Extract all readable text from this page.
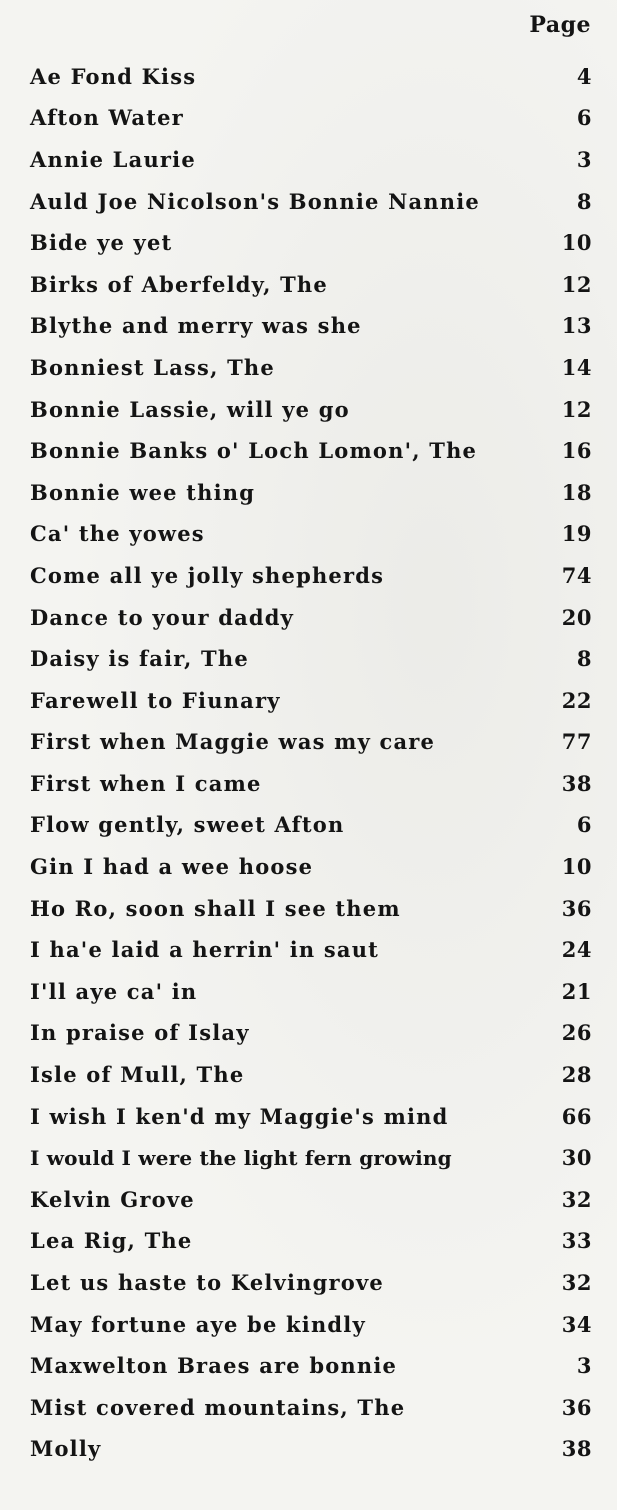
Page
Ae Fond Kiss	4
Afton Water	6
Annie Laurie	3
Auld Joe Nicolson's Bonnie Nannie	8
Bide ye yet	10
Birks of Aberfeldy, The	12
Blythe and merry was she	13
Bonniest Lass, The	14
Bonnie Lassie, will ye go	12
Bonnie Banks o' Loch Lomon', The	16
Bonnie wee thing	18
Ca' the yowes	19
Come all ye jolly shepherds	74
Dance to your daddy	20
Daisy is fair, The	8
Farewell to Fiunary	22
First when Maggie was my care	77
First when I came	38
Flow gently, sweet Afton	6
Gin I had a wee hoose	10
Ho Ro, soon shall I see them	36
I ha'e laid a herrin' in saut	24
I'll aye ca' in	21
In praise of Islay	26
Isle of Mull, The	28
I wish I ken'd my Maggie's mind	66
I would I were the light fern growing	30
Kelvin Grove	32
Lea Rig, The	33
Let us haste to Kelvingrove	32
May fortune aye be kindly	34
Maxwelton Braes are bonnie	3
Mist covered mountains, The	36
Molly	38
